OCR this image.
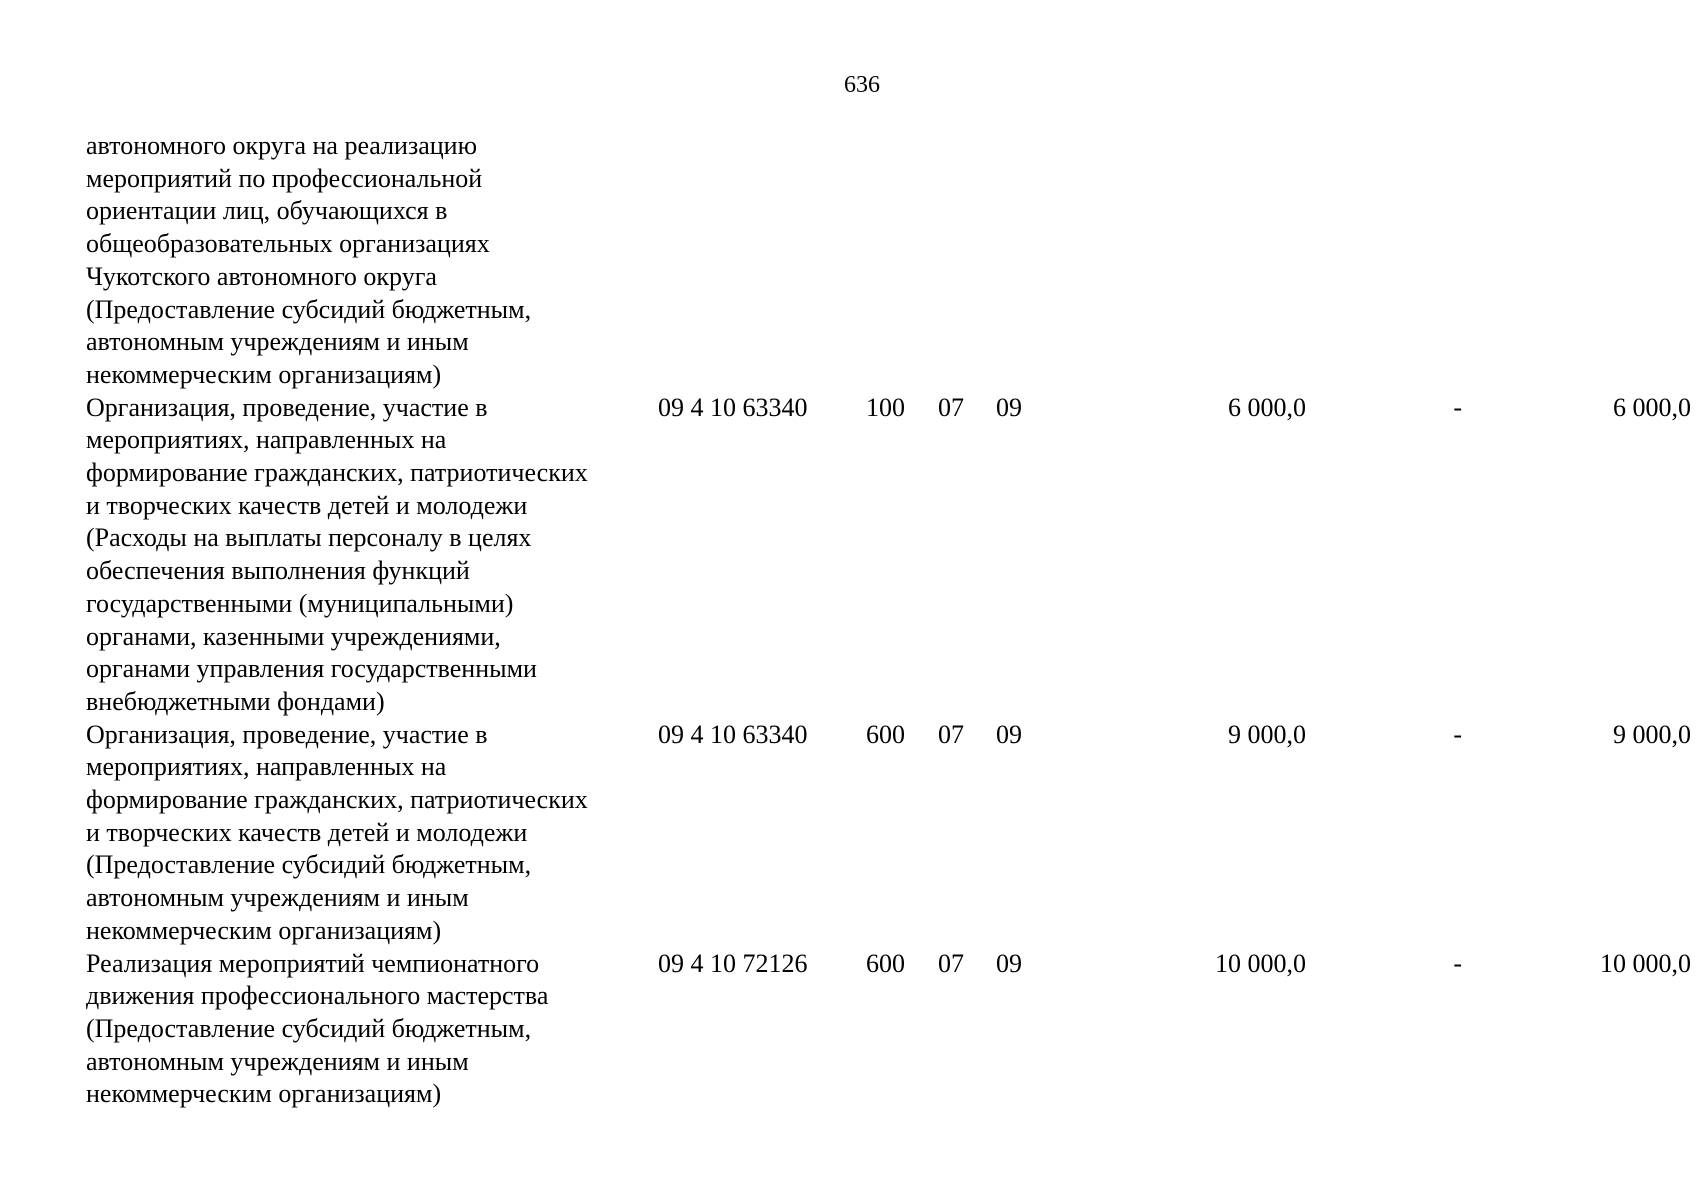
636
автономного округа на реализацию
мероприятий по профессиональной
ориентации лиц, обучающихся в
общеобразовательных организациях
Чукотского автономного округа
(Предоставление субсидий бюджетным,
автономным учреждениям и иным
некоммерческим организациям)
Организация, проведение, участие в
мероприятиях, направленных на
формирование гражданских, патриотических
и творческих качеств детей и молодежи
(Расходы на выплаты персоналу в целях
обеспечения выполнения функций
государственными (муниципальными)
органами, казенными учреждениями,
органами управления государственными
внебюджетными фондами)
09 4 10 63340 100 07 09	6 000,0	-	6 000,0
Организация, проведение, участие в
мероприятиях, направленных на
формирование гражданских, патриотических
и творческих качеств детей и молодежи
(Предоставление субсидий бюджетным,
автономным учреждениям и иным
некоммерческим организациям)
09 4 10 63340 600 07 09	9 000,0	-	9 000,0
Реализация мероприятий чемпионатного
движения профессионального мастерства
(Предоставление субсидий бюджетным,
автономным учреждениям и иным
некоммерческим организациям)
09 4 10 72126 600 07 09	10 000,0	-	10 000,0
